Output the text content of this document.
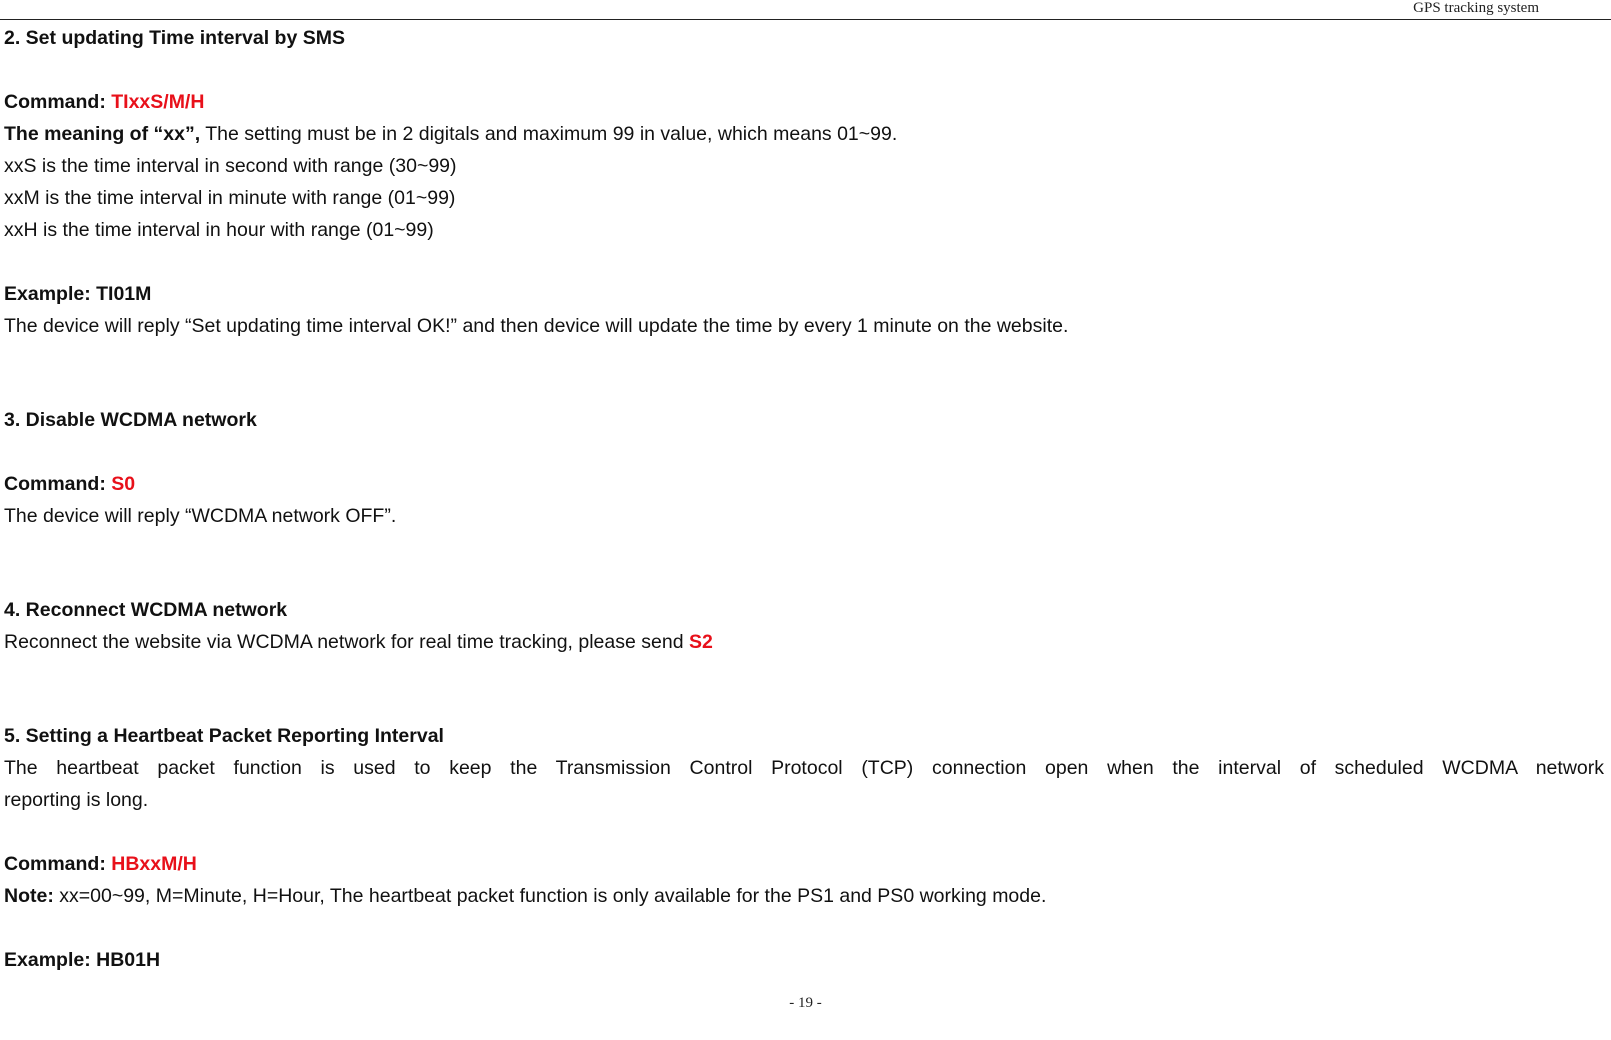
GPS tracking system
2. Set updating Time interval by SMS
Command: TIxxS/M/H
The meaning of “xx”, The setting must be in 2 digitals and maximum 99 in value, which means 01~99.
xxS is the time interval in second with range (30~99)
xxM is the time interval in minute with range (01~99)
xxH is the time interval in hour with range (01~99)
Example: TI01M
The device will reply “Set updating time interval OK!” and then device will update the time by every 1 minute on the website.
3. Disable WCDMA network
Command: S0
The device will reply “WCDMA network OFF”.
4. Reconnect WCDMA network
Reconnect the website via WCDMA network for real time tracking, please send S2
5. Setting a Heartbeat Packet Reporting Interval
The heartbeat packet function is used to keep the Transmission Control Protocol (TCP) connection open when the interval of scheduled WCDMA network
reporting is long.
Command: HBxxM/H
Note: xx=00~99, M=Minute, H=Hour, The heartbeat packet function is only available for the PS1 and PS0 working mode.
Example: HB01H
- 19 -
